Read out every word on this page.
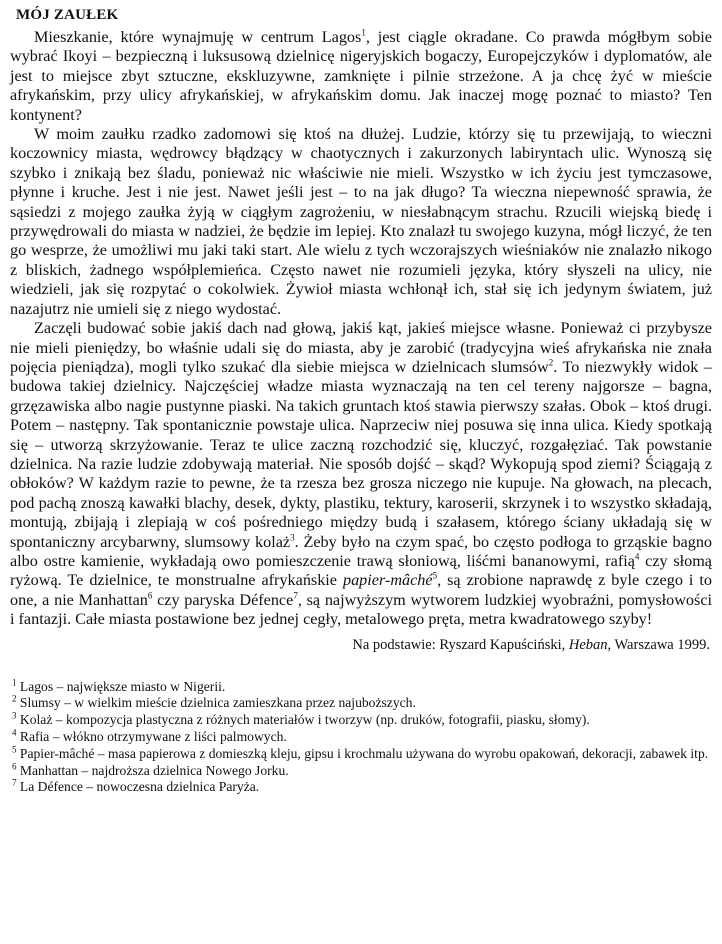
MÓJ ZAUŁEK

Mieszkanie, które wynajmuję w centrum Lagos$^1$, jest ciągle okradane. Co prawda mógłbym sobie wybrać Ikoyi – bezpieczną i luksusową dzielnicę nigeryjskich bogaczy, Europejczyków i dyplomatów, ale jest to miejsce zbyt sztuczne, ekskluzywne, zamknięte i pilnie strzeżone. A ja chcę żyć w mieście afrykańskim, przy ulicy afrykańskiej, w afrykańskim domu. Jak inaczej mogę poznać to miasto? Ten kontynent?

W moim zaułku rzadko zadomowi się ktoś na dłużej. Ludzie, którzy się tu przewijają, to wieczni koczownicy miasta, wędrowcy błądzący w chaotycznych i zakurzonych labiryntach ulic. Wynoszą się szybko i znikają bez śladu, ponieważ nic właściwie nie mieli. Wszystko w ich życiu jest tymczasowe, płynne i kruche. Jest i nie jest. Nawet jeśli jest – to na jak długo? Ta wieczna niepewność sprawia, że sąsiedzi z mojego zaułka żyją w ciągłym zagrożeniu, w niesłabnącym strachu. Rzucili wiejską biedę i przywędrowali do miasta w nadziei, że będzie im lepiej. Kto znalazł tu swojego kuzyna, mógł liczyć, że ten go wesprze, że umożliwi mu jaki taki start. Ale wielu z tych wczorajszych wieśniaków nie znalazło nikogo z bliskich, żadnego współplemieńca. Często nawet nie rozumieli języka, który słyszeli na ulicy, nie wiedzieli, jak się rozpytać o cokolwiek. Żywioł miasta wchłonął ich, stał się ich jedynym światem, już nazajutrz nie umieli się z niego wydostać.

Zaczęli budować sobie jakiś dach nad głową, jakiś kąt, jakieś miejsce własne. Ponieważ ci przybysze nie mieli pieniędzy, bo właśnie udali się do miasta, aby je zarobić (tradycyjna wieś afrykańska nie znała pojęcia pieniądza), mogli tylko szukać dla siebie miejsca w dzielnicach slumsów$^2$. To niezwykły widok – budowa takiej dzielnicy. Najczęściej władze miasta wyznaczają na ten cel tereny najgorsze – bagna, grzęzawiska albo nagie pustynne piaski. Na takich gruntach ktoś stawia pierwszy szałas. Obok – ktoś drugi. Potem – następny. Tak spontanicznie powstaje ulica. Naprzeciw niej posuwa się inna ulica. Kiedy spotkają się – utworzą skrzyżowanie. Teraz te ulice zaczną rozchodzić się, kluczyć, rozgałęziać. Tak powstanie dzielnica. Na razie ludzie zdobywają materiał. Nie sposób dojść – skąd? Wykopują spod ziemi? Ściągają z obłoków? W każdym razie to pewne, że ta rzesza bez grosza niczego nie kupuje. Na głowach, na plecach, pod pachą znoszą kawałki blachy, desek, dykty, plastiku, tektury, karoserii, skrzynek i to wszystko składają, montują, zbijają i zlepiają w coś pośredniego między budą i szałasem, którego ściany układają się w spontaniczny arcybarwny, slumsowy kolaż$^3$. Żeby było na czym spać, bo często podłoga to grząskie bagno albo ostre kamienie, wykładają owo pomieszczenie trawą słoniową, liśćmi bananowymi, rafią$^4$ czy słomą ryżową. Te dzielnice, te monstrualne afrykańskie papier-mâché$^5$, są zrobione naprawdę z byle czego i to one, a nie Manhattan$^6$ czy paryska Défence$^7$, są najwyższym wytworem ludzkiej wyobraźni, pomysłowości i fantazji. Całe miasta postawione bez jednej cegły, metalowego pręta, metra kwadratowego szyby!

Na podstawie: Ryszard Kapuściński, Heban, Warszawa 1999.
$^1$ Lagos – największe miasto w Nigerii.
$^2$ Slumsy – w wielkim mieście dzielnica zamieszkana przez najuboższych.
$^3$ Kolaż – kompozycja plastyczna z różnych materiałów i tworzyw (np. druków, fotografii, piasku, słomy).
$^4$ Rafia – włókno otrzymywane z liści palmowych.
$^5$ Papier-mâché – masa papierowa z domieszką kleju, gipsu i krochmalu używana do wyrobu opakowań, dekoracji, zabawek itp.
$^6$ Manhattan – najdroższa dzielnica Nowego Jorku.
$^7$ La Défence – nowoczesna dzielnica Paryża.
